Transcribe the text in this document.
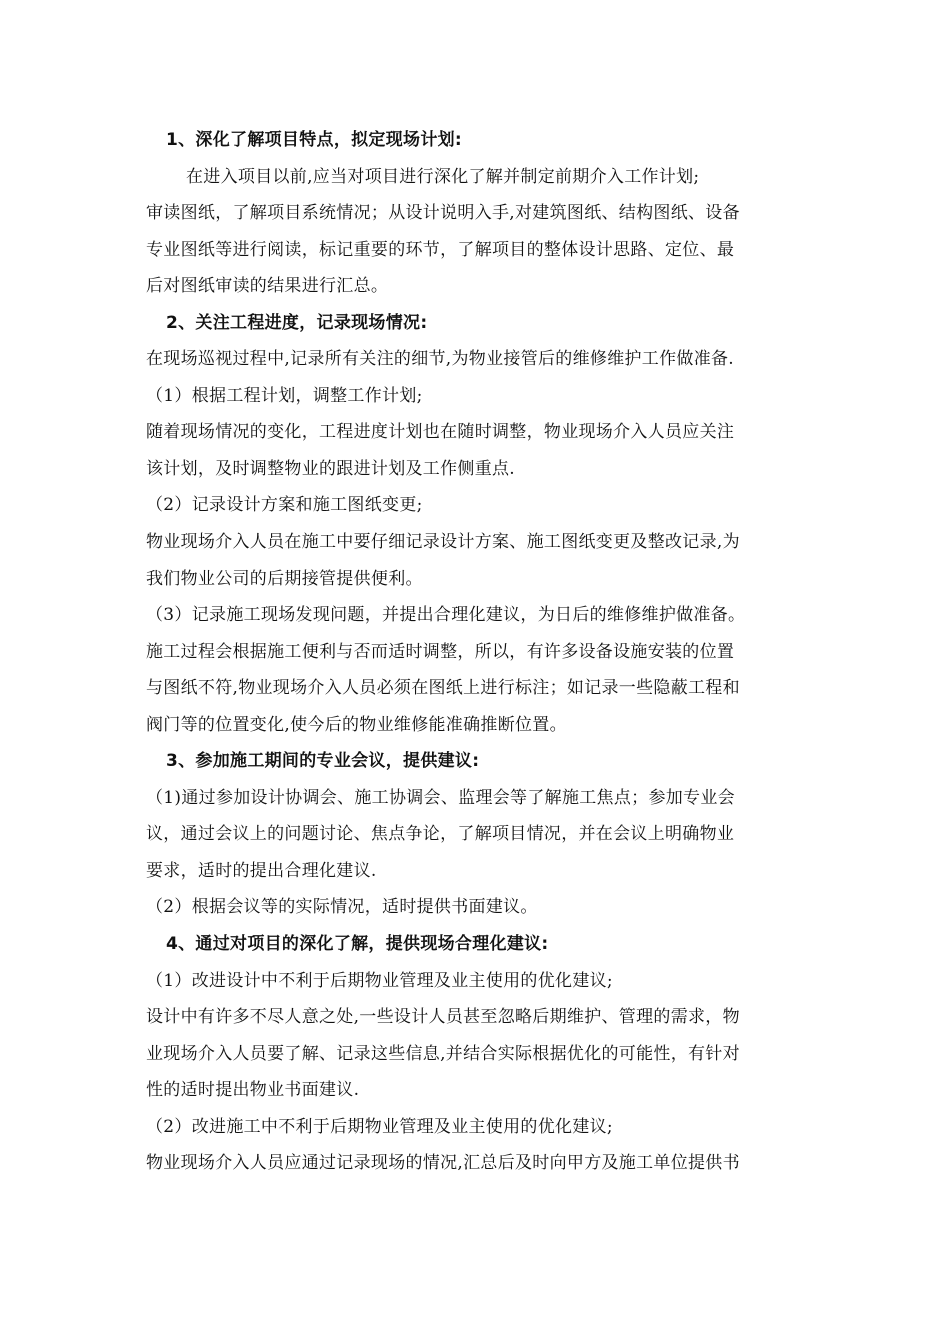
1、深化了解项目特点，拟定现场计划:
在进入项目以前,应当对项目进行深化了解并制定前期介入工作计划;
审读图纸，了解项目系统情况；从设计说明入手,对建筑图纸、结构图纸、设备
专业图纸等进行阅读，标记重要的环节，了解项目的整体设计思路、定位、最
后对图纸审读的结果进行汇总。
2、关注工程进度，记录现场情况:
在现场巡视过程中,记录所有关注的细节,为物业接管后的维修维护工作做准备.
（1）根据工程计划，调整工作计划;
随着现场情况的变化，工程进度计划也在随时调整，物业现场介入人员应关注
该计划，及时调整物业的跟进计划及工作侧重点.
（2）记录设计方案和施工图纸变更;
物业现场介入人员在施工中要仔细记录设计方案、施工图纸变更及整改记录,为
我们物业公司的后期接管提供便利。
（3）记录施工现场发现问题，并提出合理化建议，为日后的维修维护做准备。
施工过程会根据施工便利与否而适时调整，所以，有许多设备设施安装的位置
与图纸不符,物业现场介入人员必须在图纸上进行标注；如记录一些隐蔽工程和
阀门等的位置变化,使今后的物业维修能准确推断位置。
3、参加施工期间的专业会议，提供建议:
（1)通过参加设计协调会、施工协调会、监理会等了解施工焦点；参加专业会
议，通过会议上的问题讨论、焦点争论，了解项目情况，并在会议上明确物业
要求，适时的提出合理化建议.
（2）根据会议等的实际情况，适时提供书面建议。
4、通过对项目的深化了解，提供现场合理化建议:
（1）改进设计中不利于后期物业管理及业主使用的优化建议;
设计中有许多不尽人意之处,一些设计人员甚至忽略后期维护、管理的需求，物
业现场介入人员要了解、记录这些信息,并结合实际根据优化的可能性，有针对
性的适时提出物业书面建议.
（2）改进施工中不利于后期物业管理及业主使用的优化建议;
物业现场介入人员应通过记录现场的情况,汇总后及时向甲方及施工单位提供书
